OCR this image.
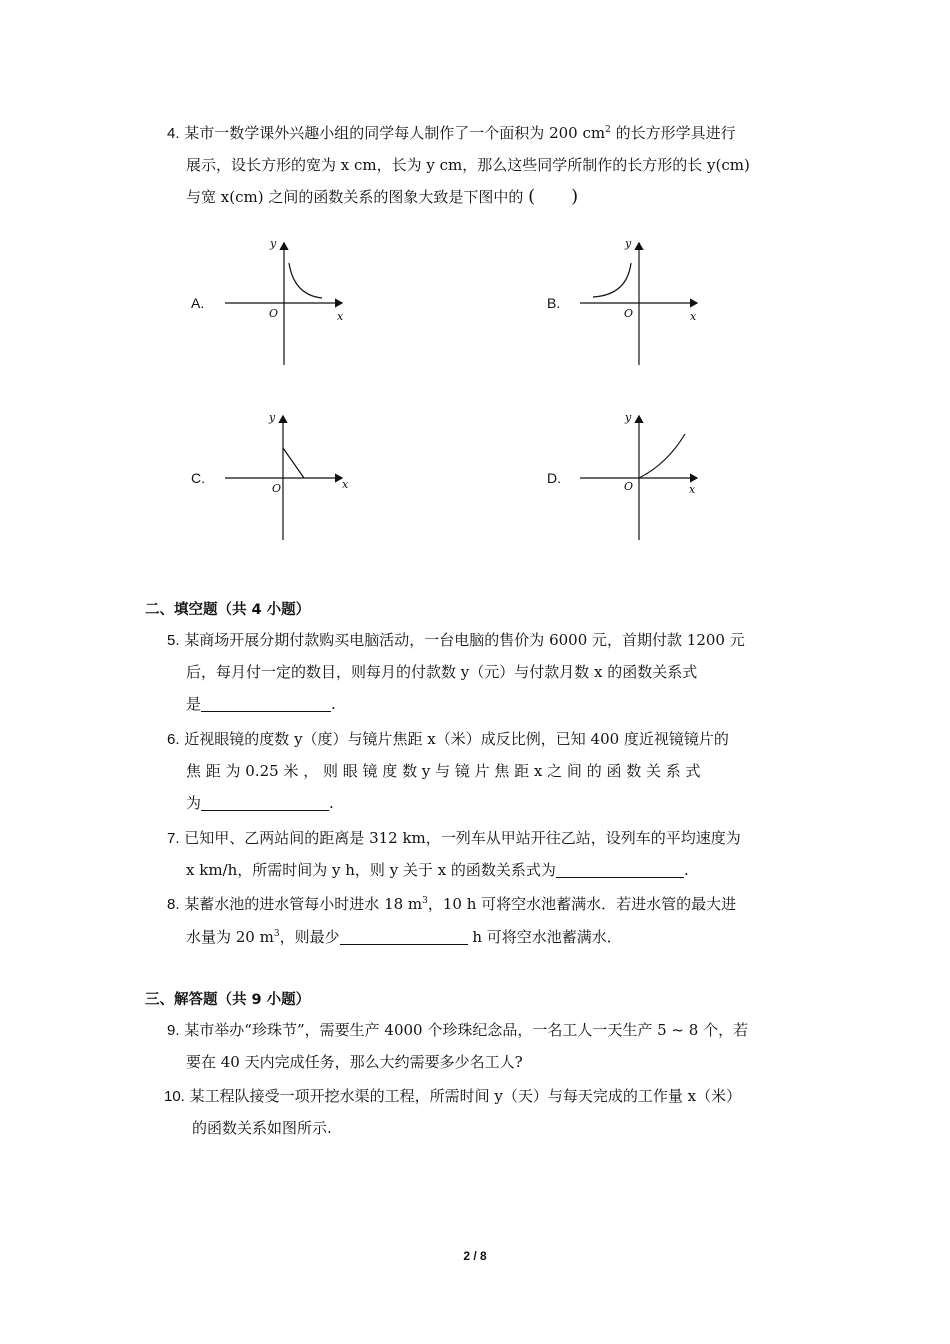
4. 某市一数学课外兴趣小组的同学每人制作了一个面积为 200 $cm^2$ 的长方形学具进行
展示，设长方形的宽为 x cm，长为 y cm，那么这些同学所制作的长方形的长 y(cm)
与宽 x(cm) 之间的函数关系的图象大致是下图中的 (　　)
A.
y
x
O
B.
y
x
O
C.
y
x
O
D.
y
x
O
二、填空题（共 4 小题）
5. 某商场开展分期付款购买电脑活动，一台电脑的售价为 6000 元，首期付款 1200 元
后，每月付一定的数目，则每月的付款数 y（元）与付款月数 x 的函数关系式
是	.
6. 近视眼镜的度数 y（度）与镜片焦距 x（米）成反比例，已知 400 度近视镜镜片的
焦 距 为 0.25 米 ， 则 眼 镜 度 数 y 与 镜 片 焦 距 x 之 间 的 函 数 关 系 式
为	.
7. 已知甲、乙两站间的距离是 312 km，一列车从甲站开往乙站，设列车的平均速度为
x km/h，所需时间为 y h，则 y 关于 x 的函数关系式为	.
8. 某蓄水池的进水管每小时进水 18 $m^3$，10 h 可将空水池蓄满水．若进水管的最大进
水量为 20 $m^3$，则最少	h 可将空水池蓄满水．
三、解答题（共 9 小题）
9. 某市举办“珍珠节”，需要生产 4000 个珍珠纪念品，一名工人一天生产 5 ~ 8 个，若
要在 40 天内完成任务，那么大约需要多少名工人?
10. 某工程队接受一项开挖水渠的工程，所需时间 y（天）与每天完成的工作量 x（米）
的函数关系如图所示.
2 / 8
